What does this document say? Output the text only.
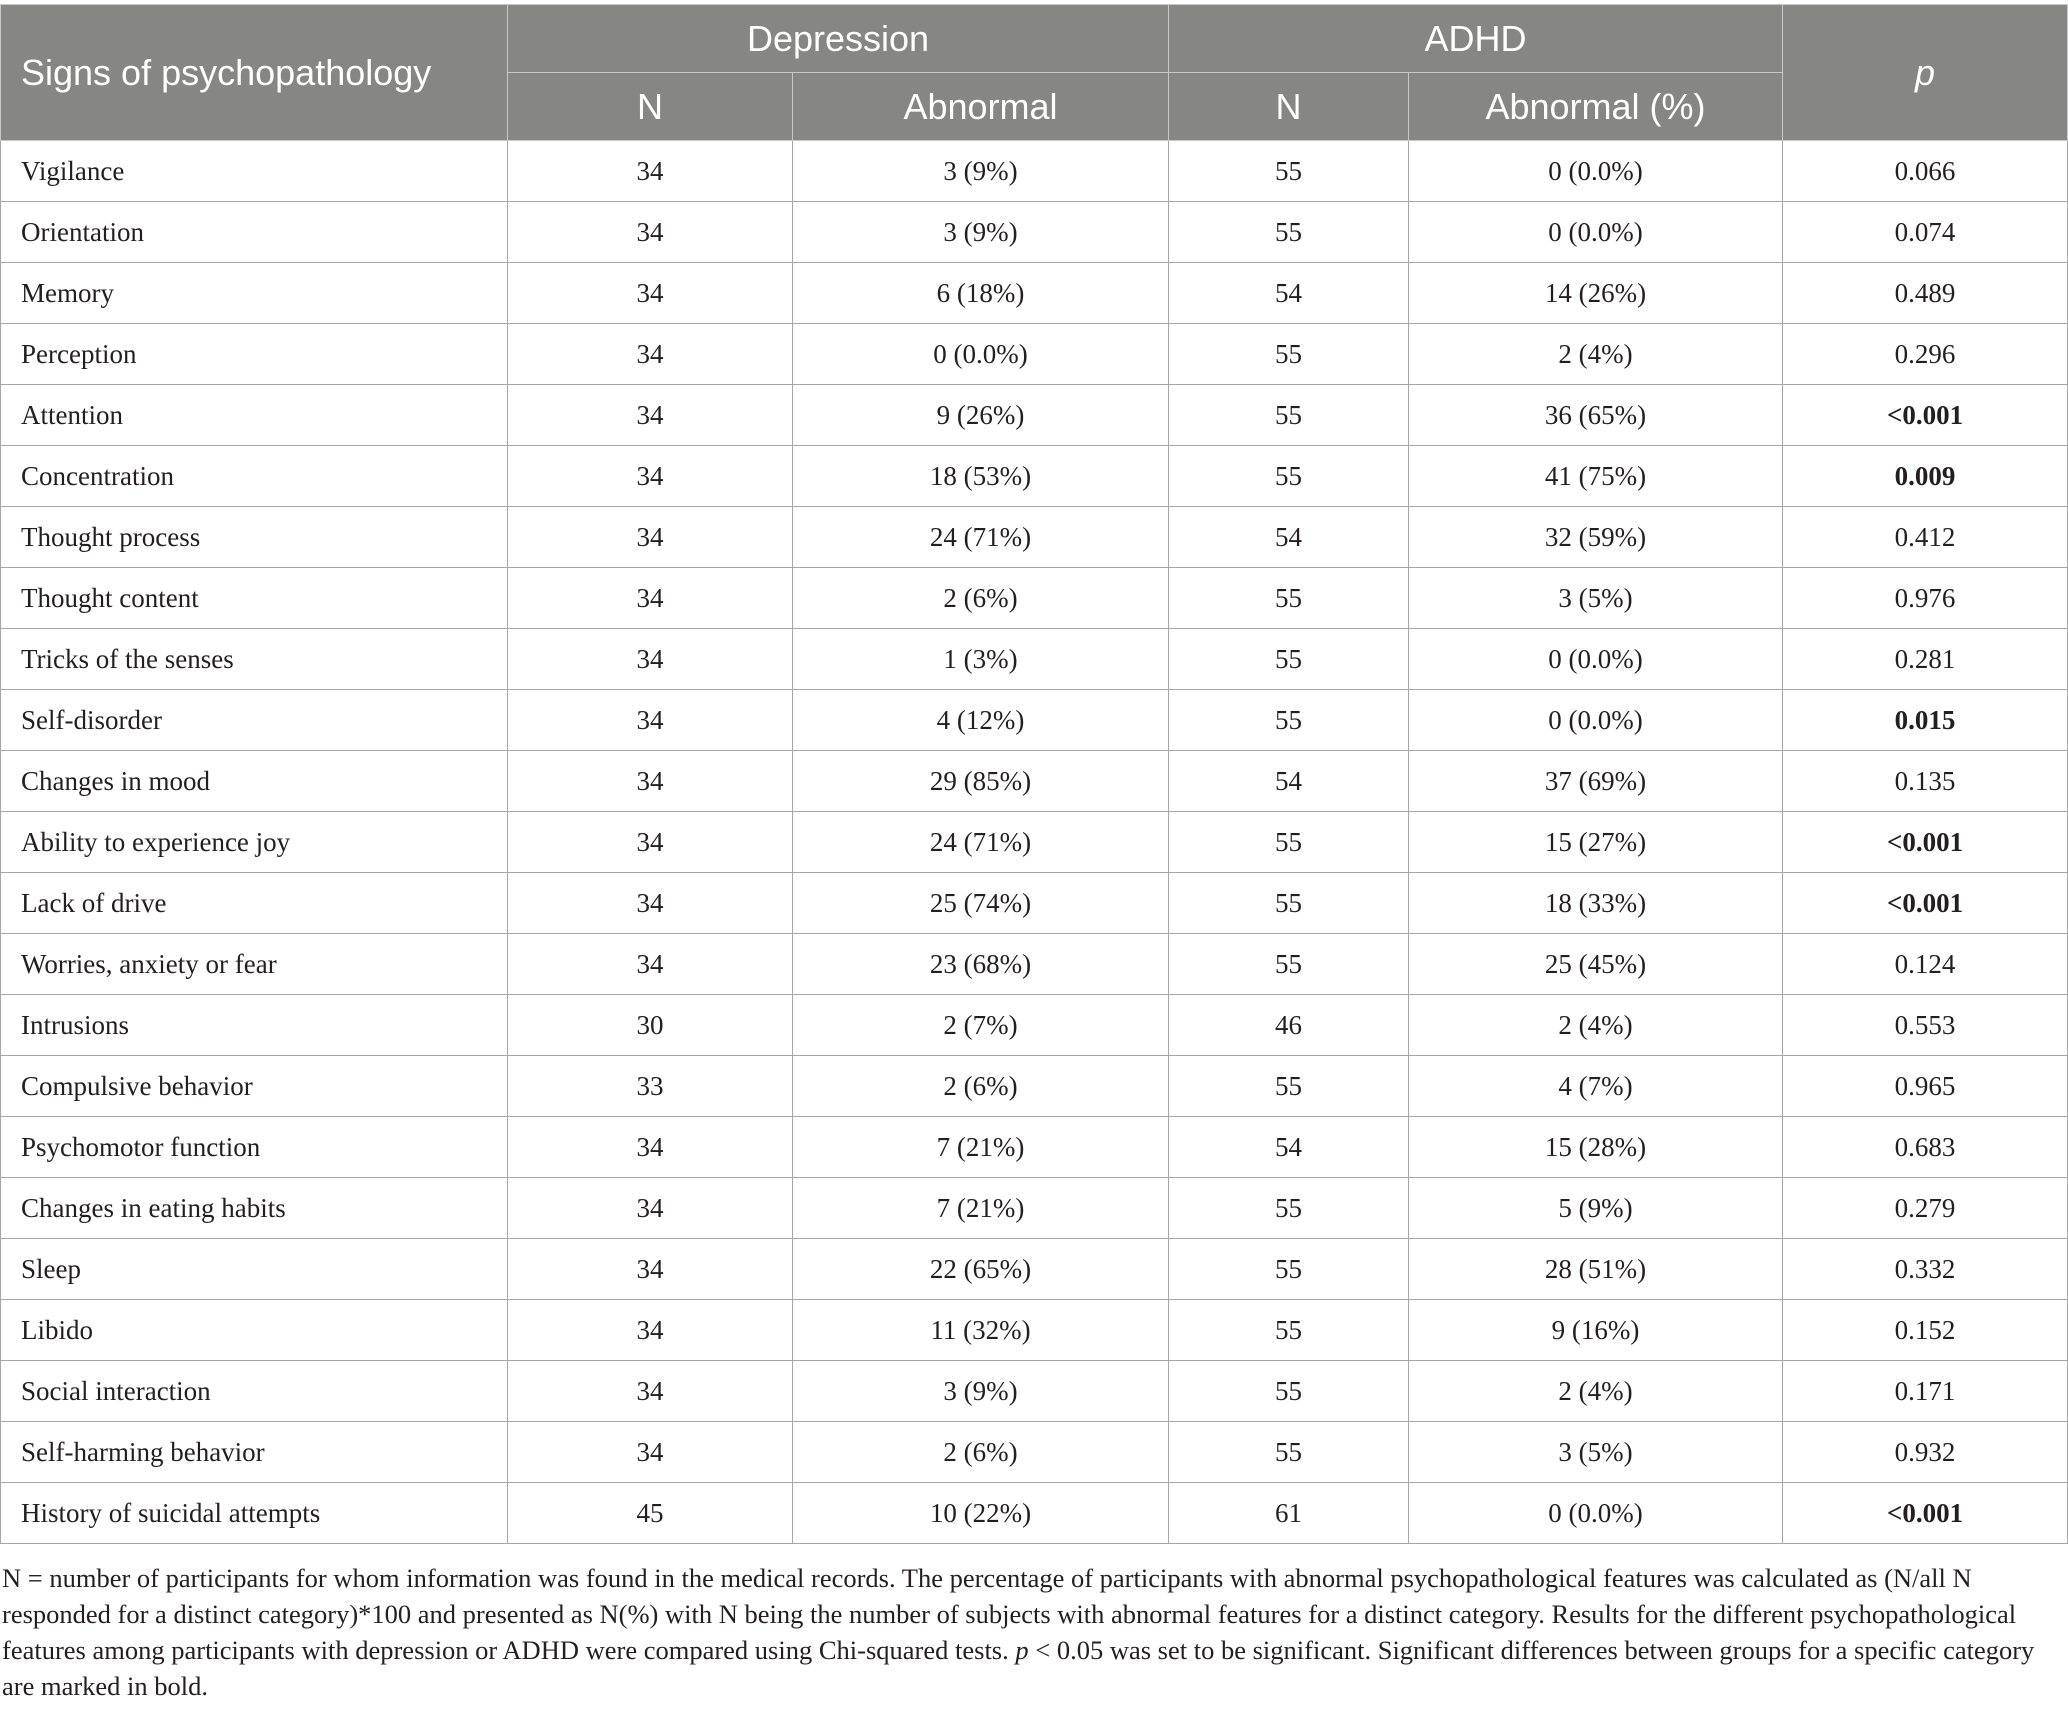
Signs of psychopathology	Depression		ADHD		p
	N	Abnormal	N	Abnormal (%)	
Vigilance	34	3 (9%)	55	0 (0.0%)	0.066
Orientation	34	3 (9%)	55	0 (0.0%)	0.074
Memory	34	6 (18%)	54	14 (26%)	0.489
Perception	34	0 (0.0%)	55	2 (4%)	0.296
Attention	34	9 (26%)	55	36 (65%)	<0.001
Concentration	34	18 (53%)	55	41 (75%)	0.009
Thought process	34	24 (71%)	54	32 (59%)	0.412
Thought content	34	2 (6%)	55	3 (5%)	0.976
Tricks of the senses	34	1 (3%)	55	0 (0.0%)	0.281
Self-disorder	34	4 (12%)	55	0 (0.0%)	0.015
Changes in mood	34	29 (85%)	54	37 (69%)	0.135
Ability to experience joy	34	24 (71%)	55	15 (27%)	<0.001
Lack of drive	34	25 (74%)	55	18 (33%)	<0.001
Worries, anxiety or fear	34	23 (68%)	55	25 (45%)	0.124
Intrusions	30	2 (7%)	46	2 (4%)	0.553
Compulsive behavior	33	2 (6%)	55	4 (7%)	0.965
Psychomotor function	34	7 (21%)	54	15 (28%)	0.683
Changes in eating habits	34	7 (21%)	55	5 (9%)	0.279
Sleep	34	22 (65%)	55	28 (51%)	0.332
Libido	34	11 (32%)	55	9 (16%)	0.152
Social interaction	34	3 (9%)	55	2 (4%)	0.171
Self-harming behavior	34	2 (6%)	55	3 (5%)	0.932
History of suicidal attempts	45	10 (22%)	61	0 (0.0%)	<0.001

N = number of participants for whom information was found in the medical records. The percentage of participants with abnormal psychopathological features was calculated as (N/all N responded for a distinct category)*100 and presented as N(%) with N being the number of subjects with abnormal features for a distinct category. Results for the different psychopathological features among participants with depression or ADHD were compared using Chi-squared tests. p < 0.05 was set to be significant. Significant differences between groups for a specific category are marked in bold.
